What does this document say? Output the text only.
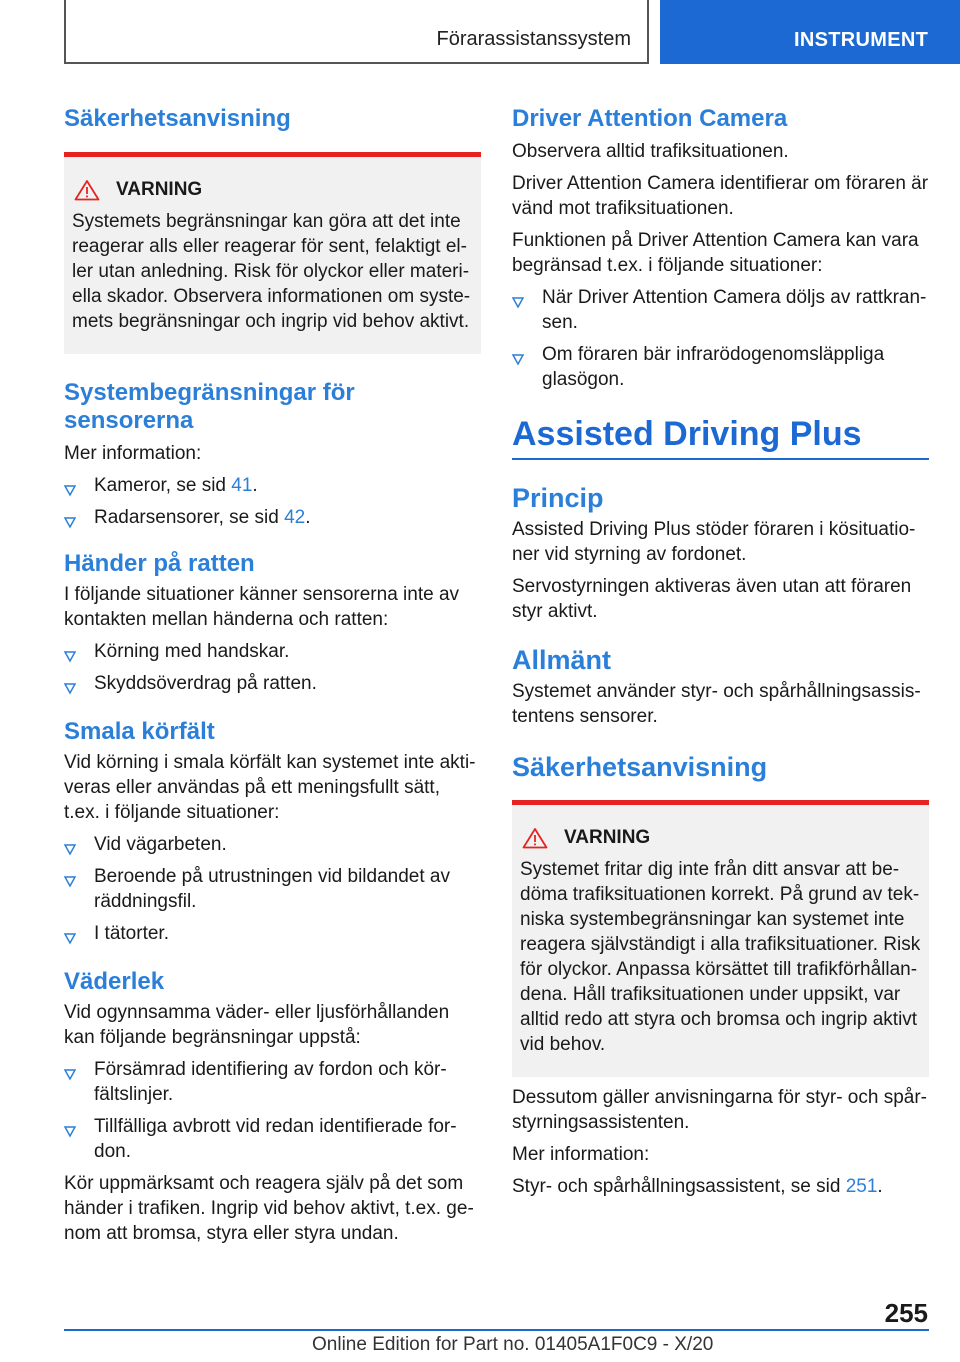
Förarassistanssystem	INSTRUMENT
Säkerhetsanvisning
VARNING

Systemets begränsningar kan göra att det inte reagerar alls eller reagerar för sent, felaktigt el-ler utan anledning. Risk för olyckor eller materi-ella skador. Observera informationen om syste-mets begränsningar och ingrip vid behov aktivt.

Systembegränsningar för sensorerna

Mer information:

Kameror, se sid 41.
Radarsensorer, se sid 42.
Händer på ratten

I följande situationer känner sensorerna inte av kontakten mellan händerna och ratten:

Körning med handskar.
Skyddsöverdrag på ratten.
Smala körfält

Vid körning i smala körfält kan systemet inte akti-veras eller användas på ett meningsfullt sätt, t.ex. i följande situationer:

Vid vägarbeten.
Beroende på utrustningen vid bildandet av räddningsfil.
I tätorter.
Väderlek

Vid ogynnsamma väder- eller ljusförhållanden kan följande begränsningar uppstå:

Försämrad identifiering av fordon och kör-fältslinjer.
Tillfälliga avbrott vid redan identifierade for-don.

Kör uppmärksamt och reagera själv på det som händer i trafiken. Ingrip vid behov aktivt, t.ex. ge-nom att bromsa, styra eller styra undan.

Driver Attention Camera

Observera alltid trafiksituationen.

Driver Attention Camera identifierar om föraren är vänd mot trafiksituationen.

Funktionen på Driver Attention Camera kan vara begränsad t.ex. i följande situationer:

När Driver Attention Camera döljs av rattkran-sen.
Om föraren bär infrarödogenomsläppliga glasögon.
Assisted Driving Plus
Princip

Assisted Driving Plus stöder föraren i kösituatio-ner vid styrning av fordonet.

Servostyrningen aktiveras även utan att föraren styr aktivt.

Allmänt

Systemet använder styr- och spårhållningsassis-tentens sensorer.

Säkerhetsanvisning
VARNING

Systemet fritar dig inte från ditt ansvar att be-döma trafiksituationen korrekt. På grund av tek-niska systembegränsningar kan systemet inte reagera självständigt i alla trafiksituationer. Risk för olyckor. Anpassa körsättet till trafikförhållan-dena. Håll trafiksituationen under uppsikt, var alltid redo att styra och bromsa och ingrip aktivt vid behov.

Dessutom gäller anvisningarna för styr- och spår-styrningsassistenten.

Mer information:

Styr- och spårhållningsassistent, se sid 251.

255
Online Edition for Part no. 01405A1F0C9 - X/20
